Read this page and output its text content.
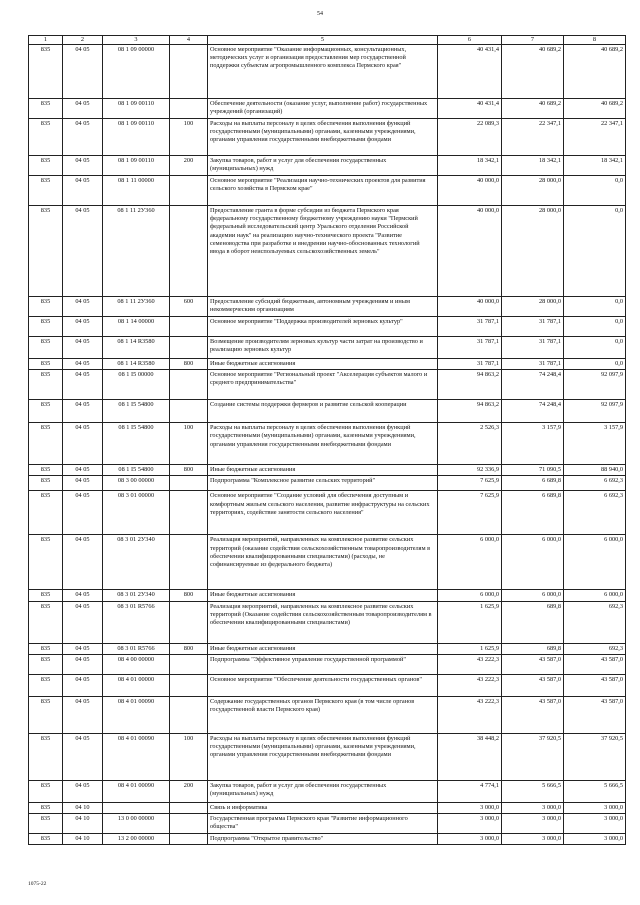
54
1	2	3	4	5	6	7	8
835	04 05	08 1 09 00000		Основное мероприятие "Оказание информационных, консультационных, методических услуг и организация предоставления мер государственной поддержки субъектам агропромышленного комплекса Пермского края"	40 431,4	40 689,2	40 689,2
835	04 05	08 1 09 00110		Обеспечение деятельности (оказание услуг, выполнение работ) государственных учреждений (организаций)	40 431,4	40 689,2	40 689,2
835	04 05	08 1 09 00110	100	Расходы на выплаты персоналу в целях обеспечения выполнения функций государственными (муниципальными) органами, казенными учреждениями, органами управления государственными внебюджетными фондами	22 089,3	22 347,1	22 347,1
835	04 05	08 1 09 00110	200	Закупка товаров, работ и услуг для обеспечения государственных (муниципальных) нужд	18 342,1	18 342,1	18 342,1
835	04 05	08 1 11 00000		Основное мероприятие "Реализация научно-технических проектов для развития сельского хозяйства в Пермском крае"	40 000,0	28 000,0	0,0
835	04 05	08 1 11 2У360		Предоставление гранта в форме субсидии из бюджета Пермского края федеральному государственному бюджетному учреждению науки "Пермский федеральный исследовательский центр Уральского отделения Российской академии наук" на реализацию научно-технического проекта "Развитие семеноводства при разработке и внедрении научно-обоснованных технологий ввода в оборот неиспользуемых сельскохозяйственных земель"	40 000,0	28 000,0	0,0
835	04 05	08 1 11 2У360	600	Предоставление субсидий бюджетным, автономным учреждениям и иным некоммерческим организациям	40 000,0	28 000,0	0,0
835	04 05	08 1 14 00000		Основное мероприятие "Поддержка производителей зерновых культур"	31 787,1	31 787,1	0,0
835	04 05	08 1 14 R3580		Возмещение производителям зерновых культур части затрат на производство и реализацию зерновых культур	31 787,1	31 787,1	0,0
835	04 05	08 1 14 R3580	800	Иные бюджетные ассигнования	31 787,1	31 787,1	0,0
835	04 05	08 1 I5 00000		Основное мероприятие "Региональный проект "Акселерация субъектов малого и среднего предпринимательства"	94 863,2	74 248,4	92 097,9
835	04 05	08 1 I5 54800		Создание системы поддержки фермеров и развитие сельской кооперации	94 863,2	74 248,4	92 097,9
835	04 05	08 1 I5 54800	100	Расходы на выплаты персоналу в целях обеспечения выполнения функций государственными (муниципальными) органами, казенными учреждениями, органами управления государственными внебюджетными фондами	2 526,3	3 157,9	3 157,9
835	04 05	08 1 I5 54800	800	Иные бюджетные ассигнования	92 336,9	71 090,5	88 940,0
835	04 05	08 3 00 00000		Подпрограмма "Комплексное развитие сельских территорий"	7 625,9	6 689,8	6 692,3
835	04 05	08 3 01 00000		Основное мероприятие "Создание условий для обеспечения доступным и комфортным жильем сельского населения, развитие инфраструктуры на сельских территориях, содействие занятости сельского населения"	7 625,9	6 689,8	6 692,3
835	04 05	08 3 01 2У340		Реализация мероприятий, направленных на комплексное развитие сельских территорий (оказание содействия сельскохозяйственным товаропроизводителям в обеспечении квалифицированными специалистами) (расходы, не софинансируемые из федерального бюджета)	6 000,0	6 000,0	6 000,0
835	04 05	08 3 01 2У340	800	Иные бюджетные ассигнования	6 000,0	6 000,0	6 000,0
835	04 05	08 3 01 R5766		Реализация мероприятий, направленных на комплексное развитие сельских территорий (Оказание содействия сельскохозяйственным товаропроизводителям в обеспечении квалифицированными специалистами)	1 625,9	689,8	692,3
835	04 05	08 3 01 R5766	800	Иные бюджетные ассигнования	1 625,9	689,8	692,3
835	04 05	08 4 00 00000		Подпрограмма "Эффективное управление государственной программой"	43 222,3	43 587,0	43 587,0
835	04 05	08 4 01 00000		Основное мероприятие "Обеспечение деятельности государственных органов"	43 222,3	43 587,0	43 587,0
835	04 05	08 4 01 00090		Содержание государственных органов Пермского края (в том числе органов государственной власти Пермского края)	43 222,3	43 587,0	43 587,0
835	04 05	08 4 01 00090	100	Расходы на выплаты персоналу в целях обеспечения выполнения функций государственными (муниципальными) органами, казенными учреждениями, органами управления государственными внебюджетными фондами	38 448,2	37 920,5	37 920,5
835	04 05	08 4 01 00090	200	Закупка товаров, работ и услуг для обеспечения государственных (муниципальных) нужд	4 774,1	5 666,5	5 666,5
835	04 10			Связь и информатика	3 000,0	3 000,0	3 000,0
835	04 10	13 0 00 00000		Государственная программа Пермского края "Развитие информационного общества"	3 000,0	3 000,0	3 000,0
835	04 10	13 2 00 00000		Подпрограмма "Открытое правительство"	3 000,0	3 000,0	3 000,0
1075-22
